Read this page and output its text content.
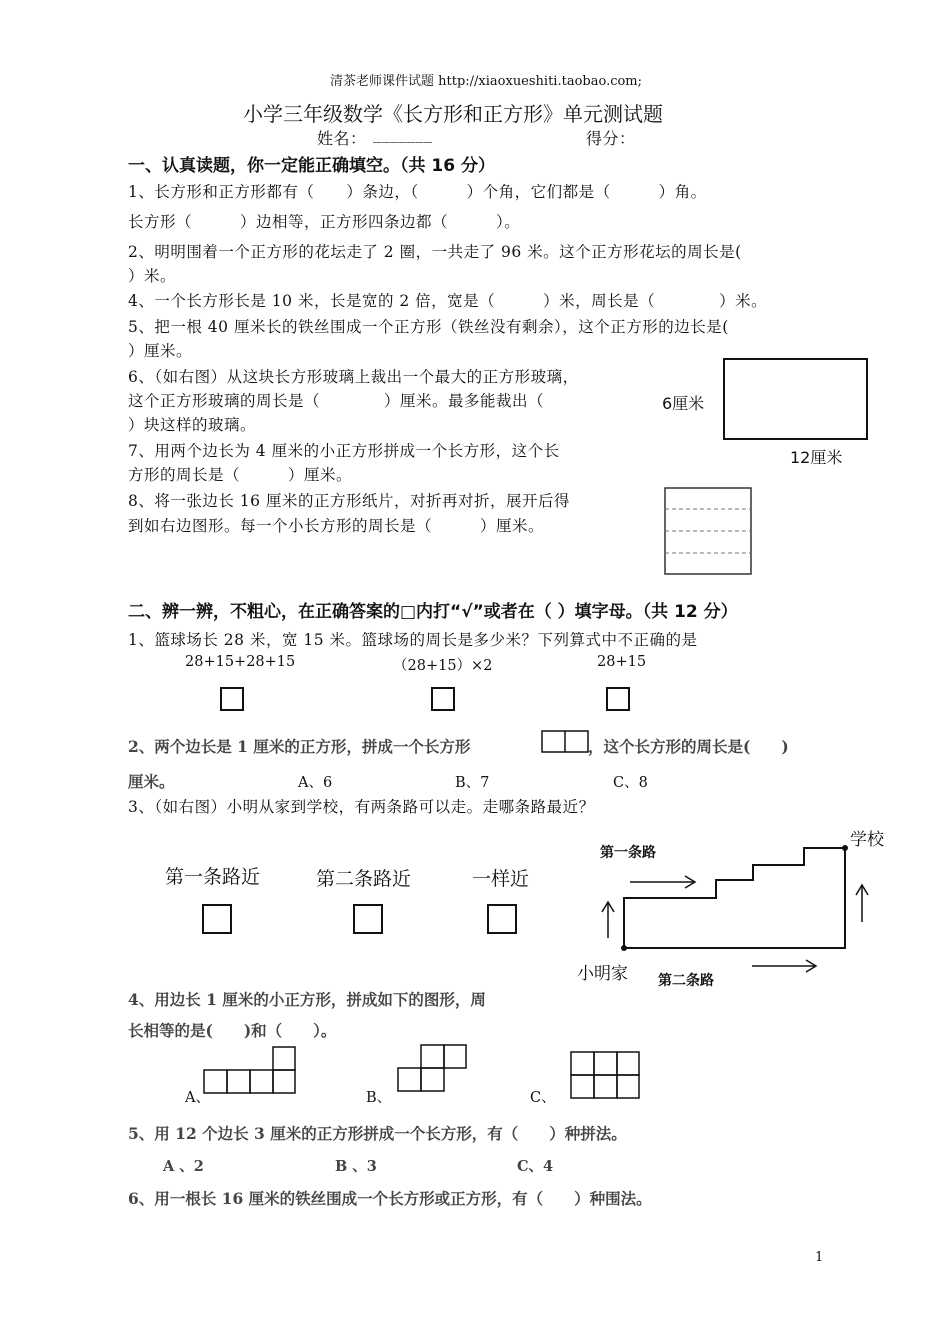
清茶老师课件试题 http://xiaoxueshiti.taobao.com;
小学三年级数学《长方形和正方形》单元测试题
姓名： _______	得分：
一、认真读题，你一定能正确填空。（共 16 分）
1、长方形和正方形都有（　　）条边，（　　　）个角，它们都是（　　　）角。
长方形（　　　）边相等，正方形四条边都（　　　）。
2、明明围着一个正方形的花坛走了 2 圈，一共走了 96 米。这个正方形花坛的周长是(
）米。
4、一个长方形长是 10 米，长是宽的 2 倍，宽是（　　　）米，周长是（　　　　）米。
5、把一根 40 厘米长的铁丝围成一个正方形（铁丝没有剩余），这个正方形的边长是(
）厘米。
6、（如右图）从这块长方形玻璃上裁出一个最大的正方形玻璃，
这个正方形玻璃的周长是（　　　　）厘米。最多能裁出（
）块这样的玻璃。
6厘米
12厘米
7、用两个边长为 4 厘米的小正方形拼成一个长方形，这个长
方形的周长是（　　　）厘米。
8、将一张边长 16 厘米的正方形纸片，对折再对折，展开后得
到如右边图形。每一个小长方形的周长是（　　　）厘米。
二、辨一辨，不粗心，在正确答案的□内打“√”或者在（ ）填字母。（共 12 分）
1、篮球场长 28 米，宽 15 米。篮球场的周长是多少米？下列算式中不正确的是
28+15+28+15	（28+15）×2	28+15
2、两个边长是 1 厘米的正方形，拼成一个长方形	，这个长方形的周长是(　　)
厘米。	A、6	B、7	C、8
3、（如右图）小明从家到学校，有两条路可以走。走哪条路最近？
第一条路近	第二条路近	一样近
学校
小明家
第一条路
第二条路
4、用边长 1 厘米的小正方形，拼成如下的图形，周
长相等的是(　　)和（　　）。
A、	B、	C、
5、用 12 个边长 3 厘米的正方形拼成一个长方形，有（　　）种拼法。
A 、2	B 、3	C、4
6、用一根长 16 厘米的铁丝围成一个长方形或正方形，有（　　）种围法。
1
